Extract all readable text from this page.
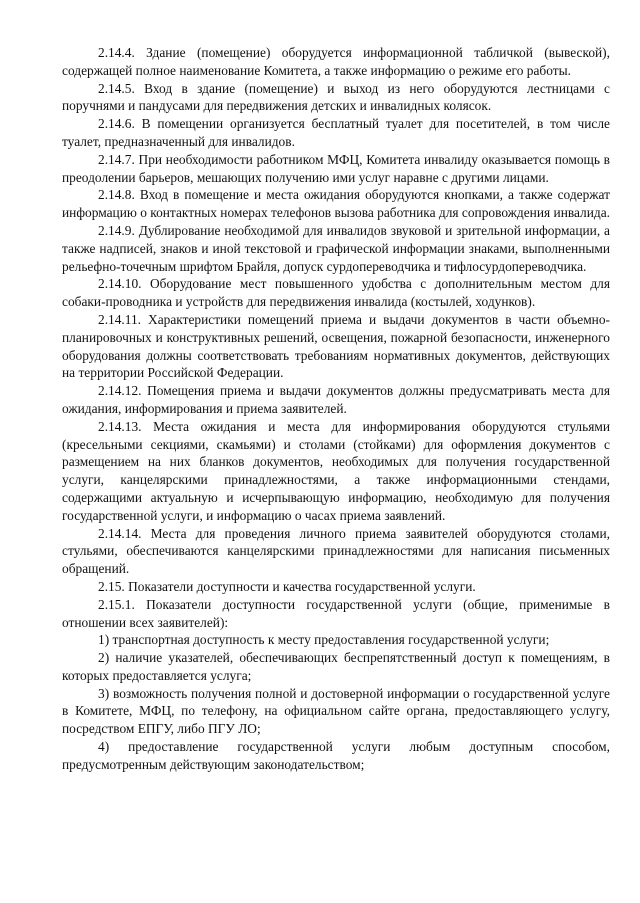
2.14.4. Здание (помещение) оборудуется информационной табличкой (вывеской), содержащей полное наименование Комитета, а также информацию о режиме его работы.

2.14.5. Вход в здание (помещение) и выход из него оборудуются лестницами с поручнями и пандусами для передвижения детских и инвалидных колясок.

2.14.6. В помещении организуется бесплатный туалет для посетителей, в том числе туалет, предназначенный для инвалидов.

2.14.7. При необходимости работником МФЦ, Комитета инвалиду оказывается помощь в преодолении барьеров, мешающих получению ими услуг наравне с другими лицами.

2.14.8. Вход в помещение и места ожидания оборудуются кнопками, а также содержат информацию о контактных номерах телефонов вызова работника для сопровождения инвалида.

2.14.9. Дублирование необходимой для инвалидов звуковой и зрительной информации, а также надписей, знаков и иной текстовой и графической информации знаками, выполненными рельефно-точечным шрифтом Брайля, допуск сурдопереводчика и тифлосурдопереводчика.

2.14.10. Оборудование мест повышенного удобства с дополнительным местом для собаки-проводника и устройств для передвижения инвалида (костылей, ходунков).

2.14.11. Характеристики помещений приема и выдачи документов в части объемно-планировочных и конструктивных решений, освещения, пожарной безопасности, инженерного оборудования должны соответствовать требованиям нормативных документов, действующих на территории Российской Федерации.

2.14.12. Помещения приема и выдачи документов должны предусматривать места для ожидания, информирования и приема заявителей.

2.14.13. Места ожидания и места для информирования оборудуются стульями (кресельными секциями, скамьями) и столами (стойками) для оформления документов с размещением на них бланков документов, необходимых для получения государственной услуги, канцелярскими принадлежностями, а также информационными стендами, содержащими актуальную и исчерпывающую информацию, необходимую для получения государственной услуги, и информацию о часах приема заявлений.

2.14.14. Места для проведения личного приема заявителей оборудуются столами, стульями, обеспечиваются канцелярскими принадлежностями для написания письменных обращений.

2.15. Показатели доступности и качества государственной услуги.

2.15.1. Показатели доступности государственной услуги (общие, применимые в отношении всех заявителей):

1) транспортная доступность к месту предоставления государственной услуги;

2) наличие указателей, обеспечивающих беспрепятственный доступ к помещениям, в которых предоставляется услуга;

3) возможность получения полной и достоверной информации о государственной услуге в Комитете, МФЦ, по телефону, на официальном сайте органа, предоставляющего услугу, посредством ЕПГУ, либо ПГУ ЛО;

4) предоставление государственной услуги любым доступным способом, предусмотренным действующим законодательством;
